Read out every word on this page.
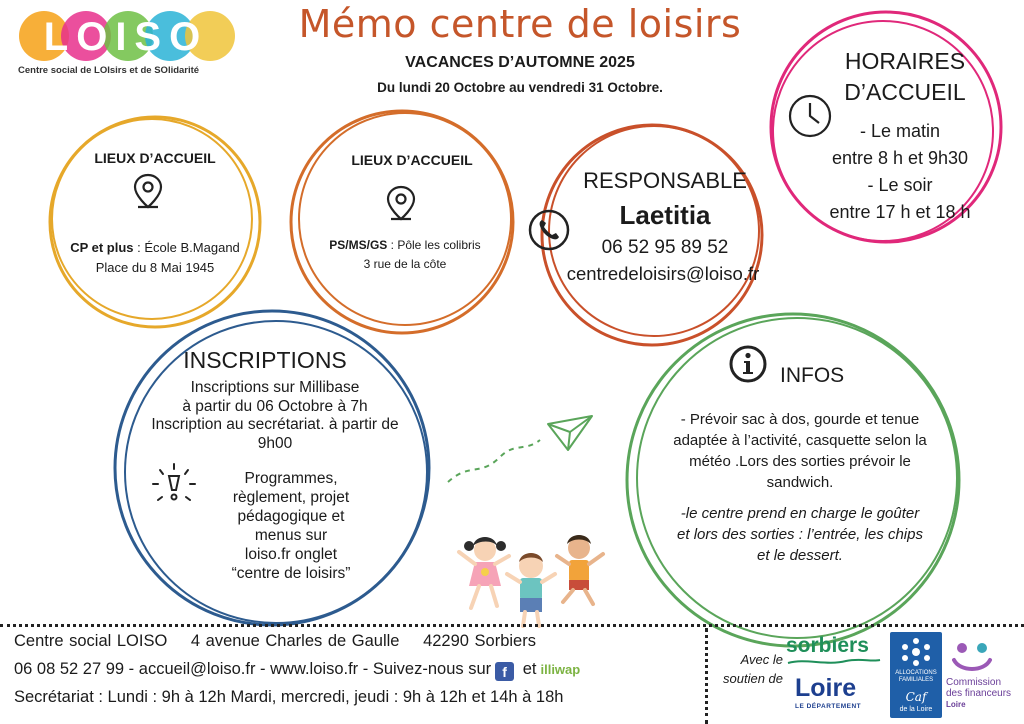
LOISO
Centre social de LOIsirs et de SOlidarité
Mémo centre de loisirs
VACANCES D’AUTOMNE 2025
Du lundi 20 Octobre au vendredi 31 Octobre.
LIEUX D’ACCUEIL
CP et plus : École B.Magand
Place du 8 Mai 1945
LIEUX D’ACCUEIL
PS/MS/GS : Pôle les colibris
3 rue de la côte
RESPONSABLE
Laetitia
06 52 95 89 52
centredeloisirs@loiso.fr
HORAIRES
D’ACCUEIL
- Le matin
entre 8 h et 9h30
- Le soir
entre 17 h et 18 h
INSCRIPTIONS
Inscriptions sur Millibase
à partir du 06 Octobre à 7h
Inscription au secrétariat. à partir de
9h00
Programmes,
règlement, projet
pédagogique et
menus sur
loiso.fr onglet
“centre de loisirs”
INFOS
- Prévoir sac à dos, gourde et tenue
adaptée à l’activité, casquette selon la
météo .Lors des sorties prévoir le
sandwich.
-le centre prend en charge le goûter
et lors des sorties : l’entrée, les chips
et le dessert.
Centre social LOISO 4 avenue Charles de Gaulle 42290 Sorbiers
06 08 52 27 99 - accueil@loiso.fr - www.loiso.fr - Suivez-nous sur f et illiwap
Secrétariat : Lundi : 9h à 12h Mardi, mercredi, jeudi : 9h à 12h et 14h à 18h
Avec le
soutien de
sorbiers
Loire
LE DÉPARTEMENT
ALLOCATIONS FAMILIALES
Caf
de la Loire
Commission
des financeurs
Loire
